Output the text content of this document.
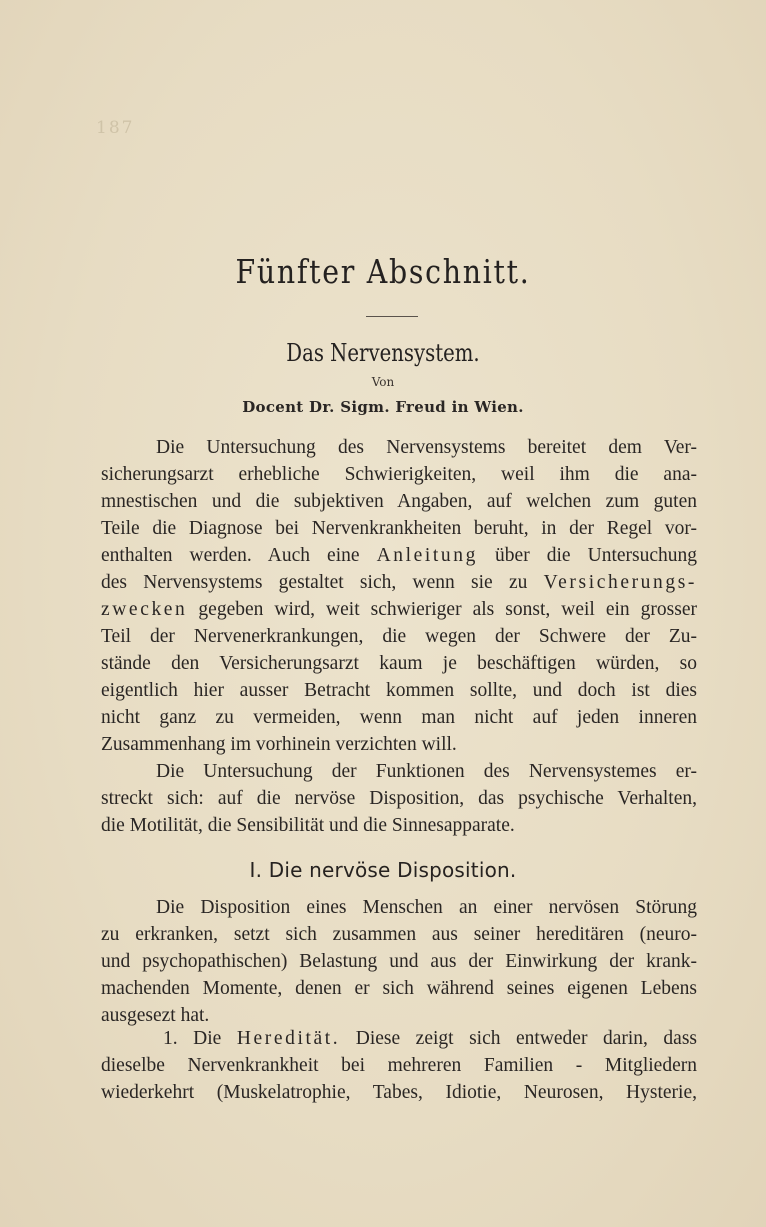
187
Fünfter Abschnitt.
Das Nervensystem.
Von
Docent Dr. Sigm. Freud in Wien.
Die Untersuchung des Nervensystems bereitet dem Ver-
sicherungsarzt erhebliche Schwierigkeiten, weil ihm die ana-
mnestischen und die subjektiven Angaben, auf welchen zum guten
Teile die Diagnose bei Nervenkrankheiten beruht, in der Regel vor-
enthalten werden. Auch eine Anleitung über die Untersuchung
des Nervensystems gestaltet sich, wenn sie zu Versicherungs-
zwecken gegeben wird, weit schwieriger als sonst, weil ein grosser
Teil der Nervenerkrankungen, die wegen der Schwere der Zu-
stände den Versicherungsarzt kaum je beschäftigen würden, so
eigentlich hier ausser Betracht kommen sollte, und doch ist dies
nicht ganz zu vermeiden, wenn man nicht auf jeden inneren
Zusammenhang im vorhinein verzichten will.
Die Untersuchung der Funktionen des Nervensystemes er-
streckt sich: auf die nervöse Disposition, das psychische Verhalten,
die Motilität, die Sensibilität und die Sinnesapparate.
I. Die nervöse Disposition.
Die Disposition eines Menschen an einer nervösen Störung
zu erkranken, setzt sich zusammen aus seiner hereditären (neuro-
und psychopathischen) Belastung und aus der Einwirkung der krank-
machenden Momente, denen er sich während seines eigenen Lebens
ausgesezt hat.
1. Die Heredität. Diese zeigt sich entweder darin, dass
dieselbe Nervenkrankheit bei mehreren Familien - Mitgliedern
wiederkehrt (Muskelatrophie, Tabes, Idiotie, Neurosen, Hysterie,
